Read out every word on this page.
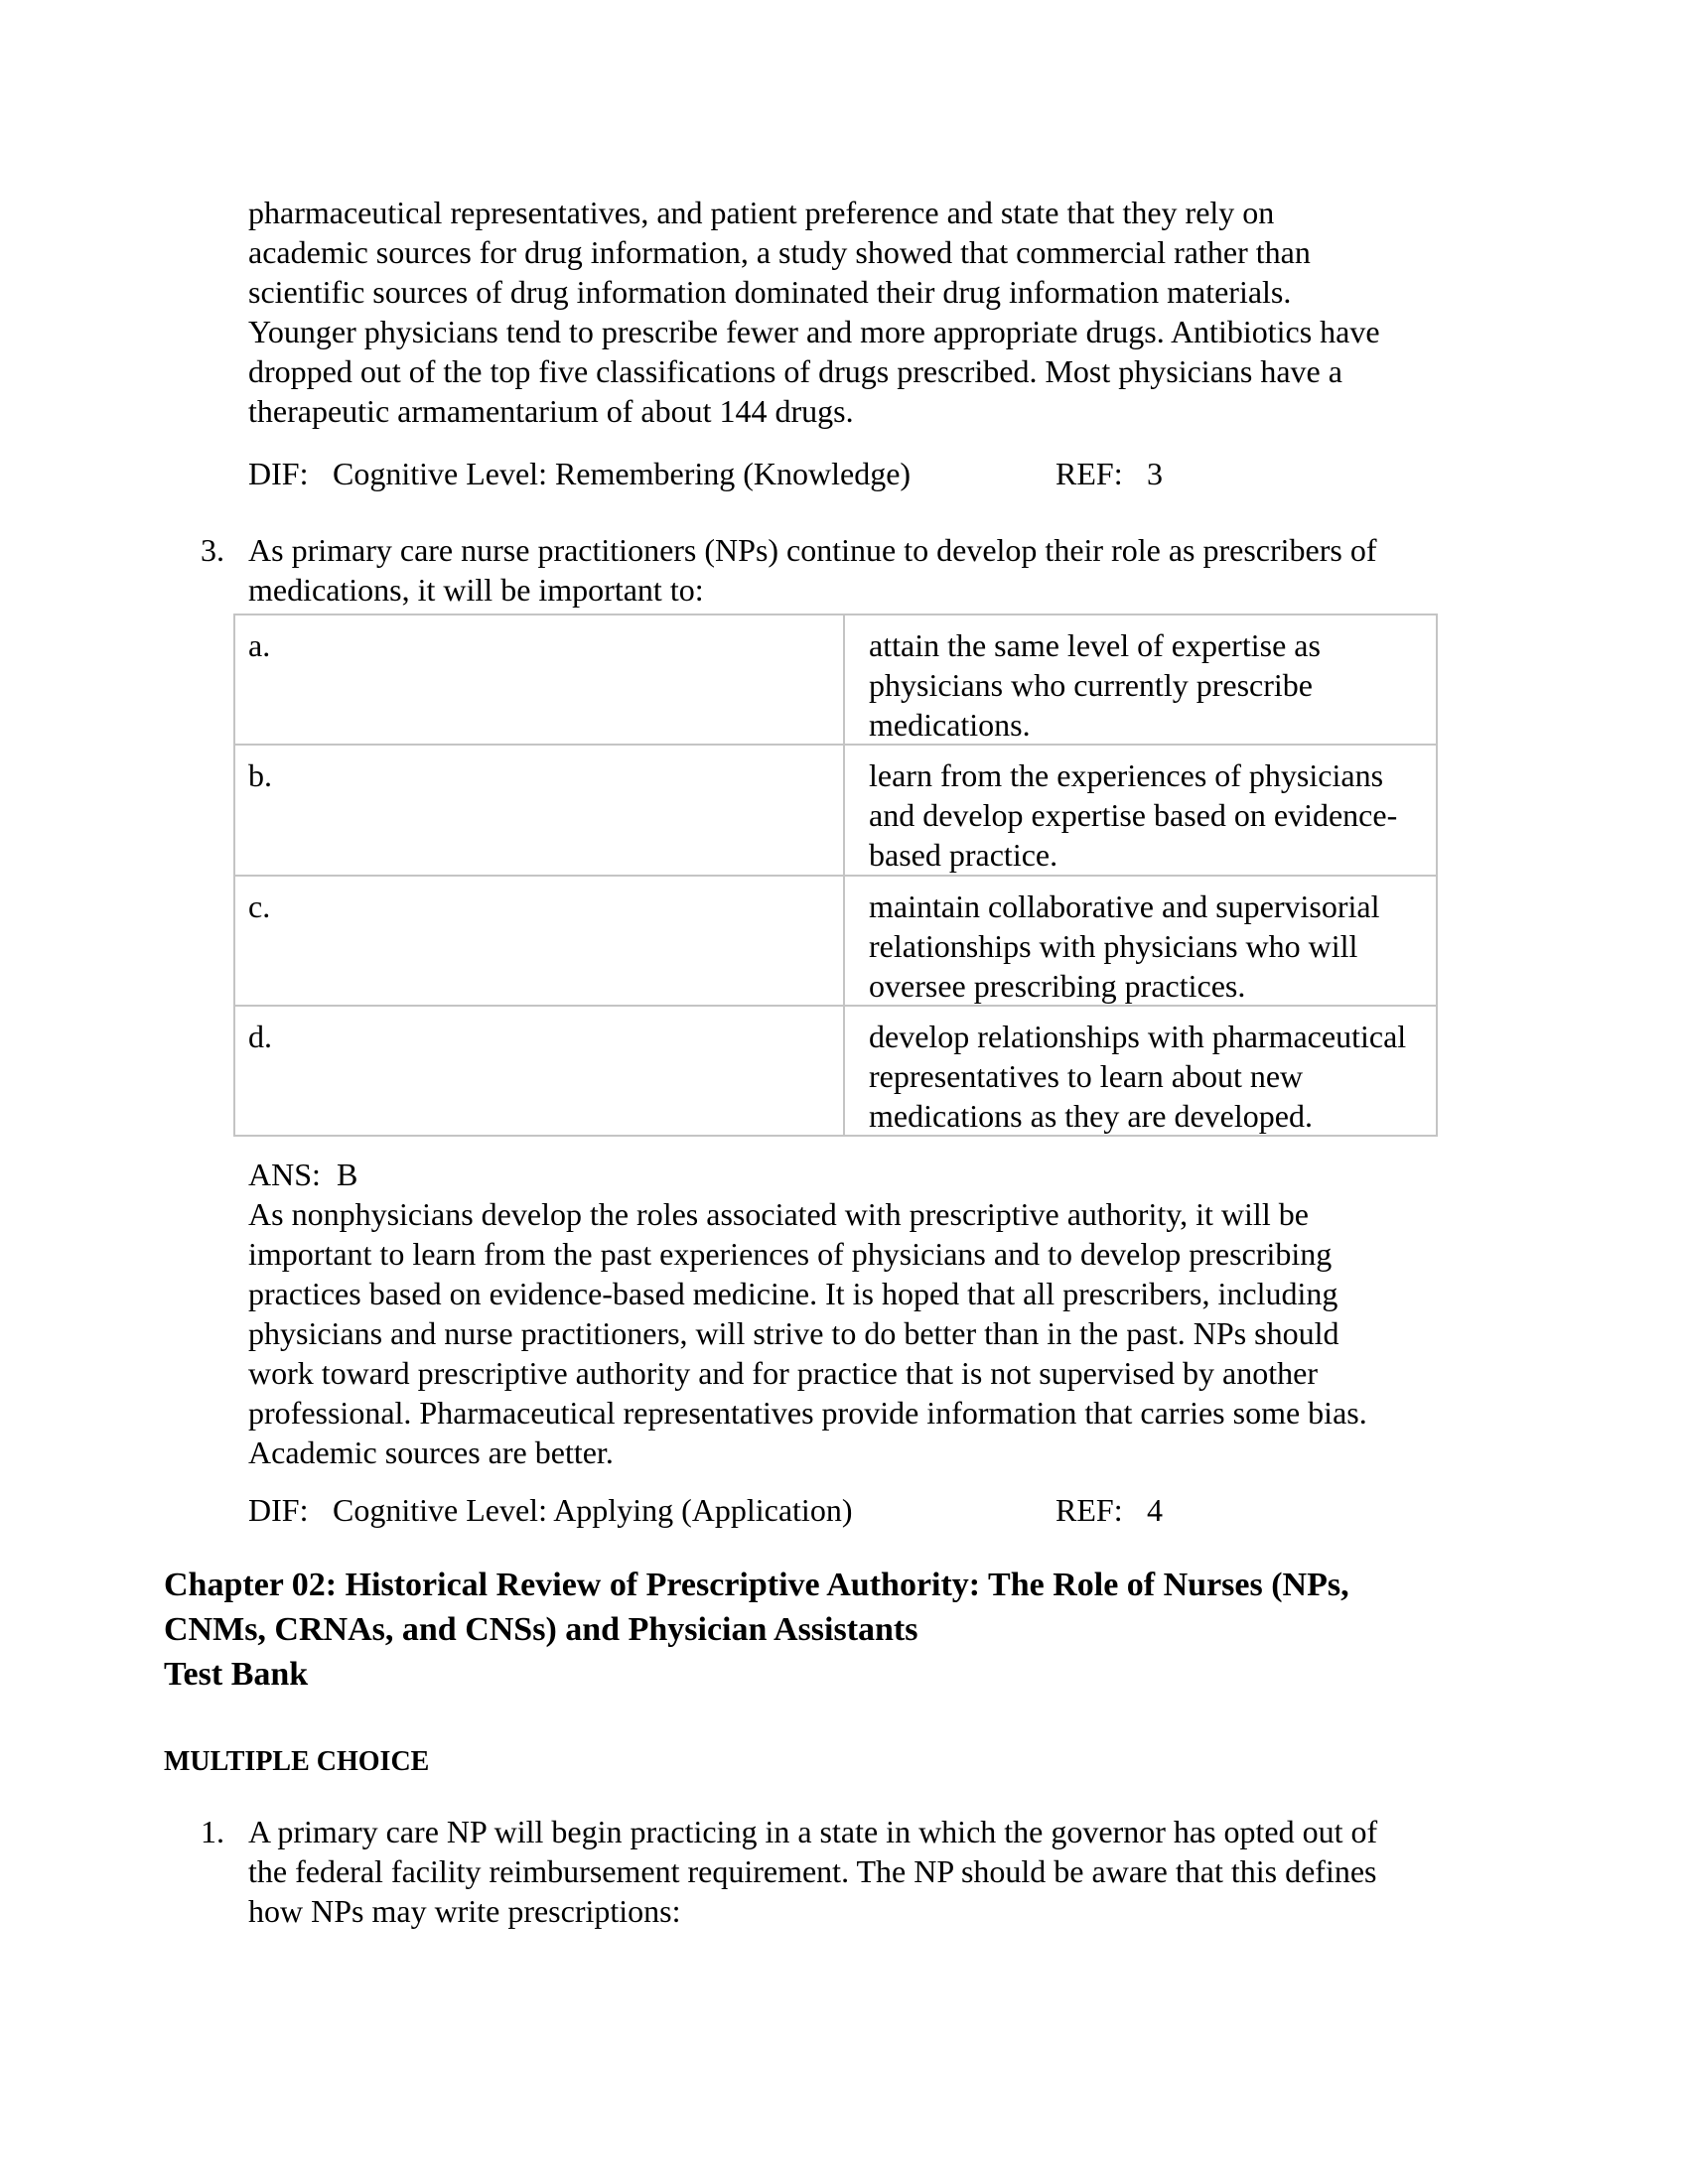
pharmaceutical representatives, and patient preference and state that they rely on
academic sources for drug information, a study showed that commercial rather than
scientific sources of drug information dominated their drug information materials.
Younger physicians tend to prescribe fewer and more appropriate drugs. Antibiotics have
dropped out of the top five classifications of drugs prescribed. Most physicians have a
therapeutic armamentarium of about 144 drugs.
DIF: Cognitive Level: Remembering (Knowledge)	REF: 3
3. As primary care nurse practitioners (NPs) continue to develop their role as prescribers of
medications, it will be important to:
a.	attain the same level of expertise as
physicians who currently prescribe
medications.
b.	learn from the experiences of physicians
and develop expertise based on evidence-
based practice.
c.	maintain collaborative and supervisorial
relationships with physicians who will
oversee prescribing practices.
d.	develop relationships with pharmaceutical
representatives to learn about new
medications as they are developed.
ANS: B
As nonphysicians develop the roles associated with prescriptive authority, it will be
important to learn from the past experiences of physicians and to develop prescribing
practices based on evidence-based medicine. It is hoped that all prescribers, including
physicians and nurse practitioners, will strive to do better than in the past. NPs should
work toward prescriptive authority and for practice that is not supervised by another
professional. Pharmaceutical representatives provide information that carries some bias.
Academic sources are better.
DIF: Cognitive Level: Applying (Application)	REF: 4
Chapter 02: Historical Review of Prescriptive Authority: The Role of Nurses (NPs,
CNMs, CRNAs, and CNSs) and Physician Assistants
Test Bank
MULTIPLE CHOICE
1. A primary care NP will begin practicing in a state in which the governor has opted out of
the federal facility reimbursement requirement. The NP should be aware that this defines
how NPs may write prescriptions:
